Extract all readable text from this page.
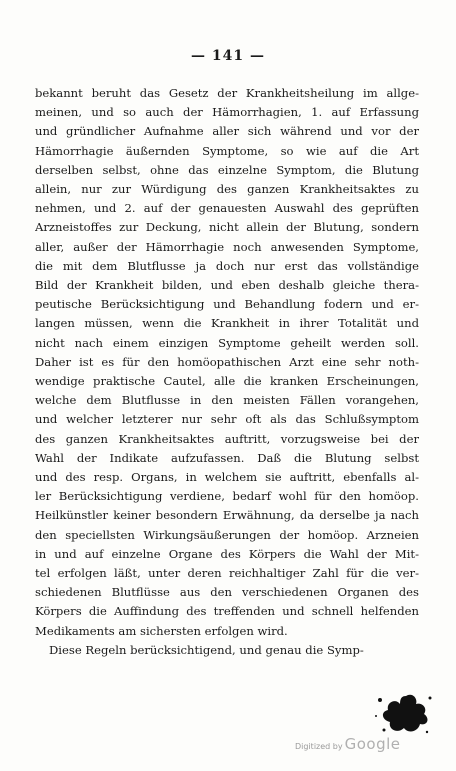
— 141 —
bekannt beruht das Gesetz der Krankheitsheilung im allge-
meinen, und so auch der Hämorrhagien, 1. auf Erfassung
und gründlicher Aufnahme aller sich während und vor der
Hämorrhagie äußernden Symptome, so wie auf die Art
derselben selbst, ohne das einzelne Symptom, die Blutung
allein, nur zur Würdigung des ganzen Krankheitsaktes zu
nehmen, und 2. auf der genauesten Auswahl des geprüften
Arzneistoffes zur Deckung, nicht allein der Blutung, sondern
aller, außer der Hämorrhagie noch anwesenden Symptome,
die mit dem Blutflusse ja doch nur erst das vollständige
Bild der Krankheit bilden, und eben deshalb gleiche thera-
peutische Berücksichtigung und Behandlung fodern und er-
langen müssen, wenn die Krankheit in ihrer Totalität und
nicht nach einem einzigen Symptome geheilt werden soll.
Daher ist es für den homöopathischen Arzt eine sehr noth-
wendige praktische Cautel, alle die kranken Erscheinungen,
welche dem Blutflusse in den meisten Fällen vorangehen,
und welcher letzterer nur sehr oft als das Schlußsymptom
des ganzen Krankheitsaktes auftritt, vorzugsweise bei der
Wahl der Indikate aufzufassen. Daß die Blutung selbst
und des resp. Organs, in welchem sie auftritt, ebenfalls al-
ler Berücksichtigung verdiene, bedarf wohl für den homöop.
Heilkünstler keiner besondern Erwähnung, da derselbe ja nach
den speciellsten Wirkungsäußerungen der homöop. Arzneien
in und auf einzelne Organe des Körpers die Wahl der Mit-
tel erfolgen läßt, unter deren reichhaltiger Zahl für die ver-
schiedenen Blutflüsse aus den verschiedenen Organen des
Körpers die Auffindung des treffenden und schnell helfenden
Medikaments am sichersten erfolgen wird.
Diese Regeln berücksichtigend, und genau die Symp-
Digitized by Google
